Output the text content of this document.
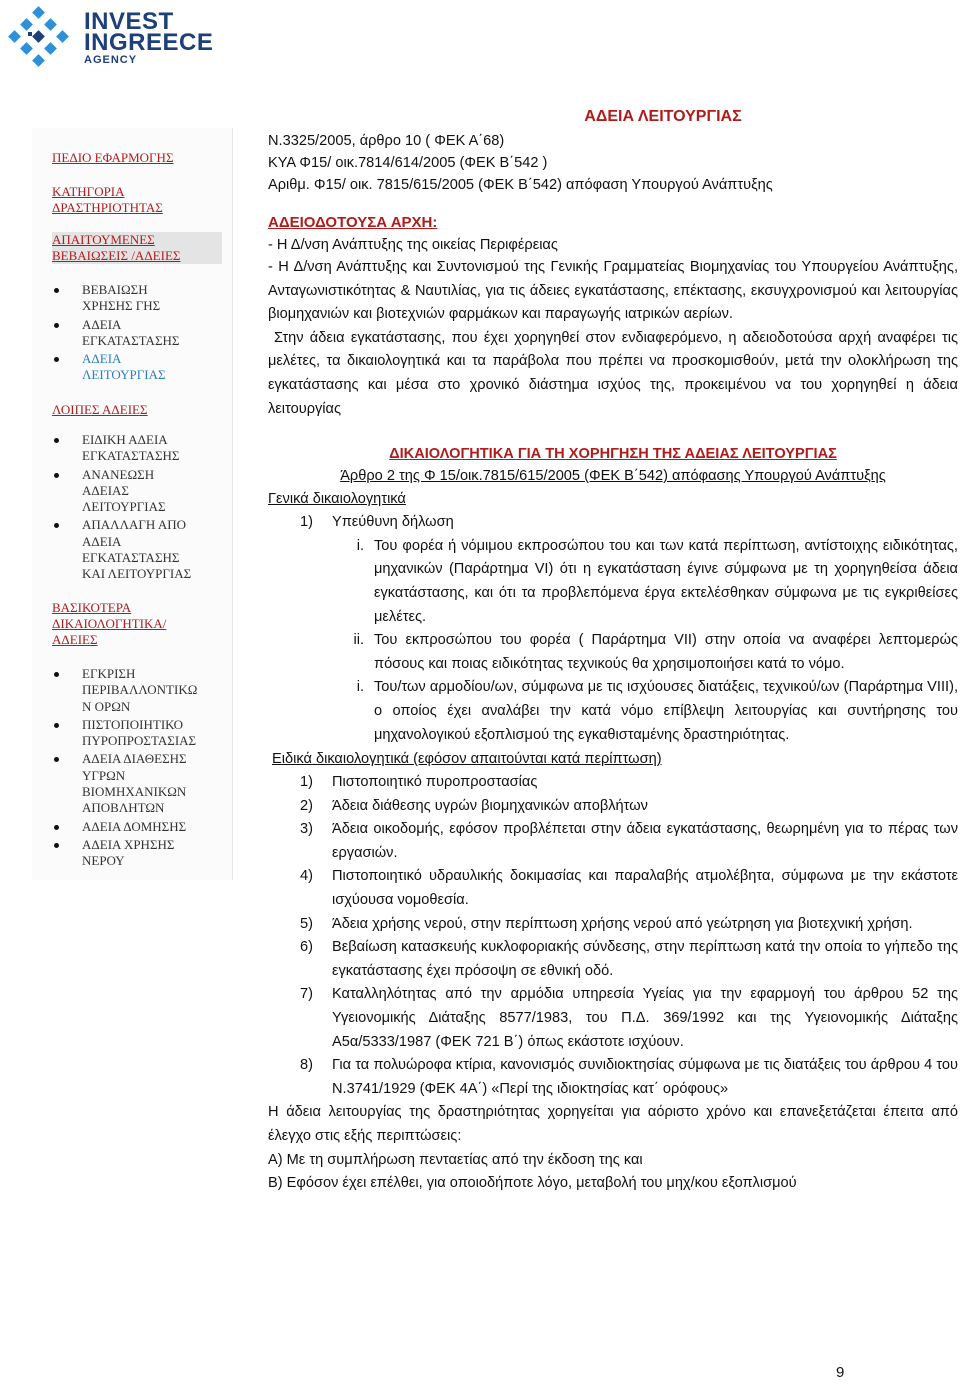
INVEST
INGREECE
AGENCY
ΠΕΔΙΟ ΕΦΑΡΜΟΓΗΣ
ΚΑΤΗΓΟΡΙΑ
ΔΡΑΣΤΗΡΙΟΤΗΤΑΣ
ΑΠΑΙΤΟΥΜΕΝΕΣ
ΒΕΒΑΙΩΣΕΙΣ /ΑΔΕΙΕΣ
ΒΕΒΑΙΩΣΗ
ΧΡΗΣΗΣ ΓΗΣ
ΑΔΕΙΑ
ΕΓΚΑΤΑΣΤΑΣΗΣ
ΑΔΕΙΑ
ΛΕΙΤΟΥΡΓΙΑΣ
ΛΟΙΠΕΣ ΑΔΕΙΕΣ
ΕΙΔΙΚΗ ΑΔΕΙΑ
ΕΓΚΑΤΑΣΤΑΣΗΣ
ΑΝΑΝΕΩΣΗ
ΑΔΕΙΑΣ
ΛΕΙΤΟΥΡΓΙΑΣ
ΑΠΑΛΛΑΓΗ ΑΠΟ
ΑΔΕΙΑ
ΕΓΚΑΤΑΣΤΑΣΗΣ
ΚΑΙ ΛΕΙΤΟΥΡΓΙΑΣ
ΒΑΣΙΚΟΤΕΡΑ
ΔΙΚΑΙΟΛΟΓΗΤΙΚΑ/
ΑΔΕΙΕΣ
ΕΓΚΡΙΣΗ
ΠΕΡΙΒΑΛΛΟΝΤΙΚΩ
Ν ΟΡΩΝ
ΠΙΣΤΟΠΟΙΗΤΙΚΟ
ΠΥΡΟΠΡΟΣΤΑΣΙΑΣ
ΑΔΕΙΑ ΔΙΑΘΕΣΗΣ
ΥΓΡΩΝ
ΒΙΟΜΗΧΑΝΙΚΩΝ
ΑΠΟΒΛΗΤΩΝ
ΑΔΕΙΑ ΔΟΜΗΣΗΣ
ΑΔΕΙΑ ΧΡΗΣΗΣ
ΝΕΡΟΥ
ΑΔΕΙΑ ΛΕΙΤΟΥΡΓΙΑΣ
Ν.3325/2005, άρθρο 10 ( ΦΕΚ Α΄68)
ΚΥΑ Φ15/ οικ.7814/614/2005 (ΦΕΚ Β΄542 )
Αριθμ. Φ15/ οικ. 7815/615/2005 (ΦΕΚ Β΄542) απόφαση Υπουργού Ανάπτυξης
ΑΔΕΙΟΔΟΤΟΥΣΑ ΑΡΧΗ:
- Η Δ/νση Ανάπτυξης της οικείας Περιφέρειας
- Η Δ/νση Ανάπτυξης και Συντονισμού της Γενικής Γραμματείας Βιομηχανίας του Υπουργείου Ανάπτυξης, Ανταγωνιστικότητας & Ναυτιλίας, για τις άδειες εγκατάστασης, επέκτασης, εκσυγχρονισμού και λειτουργίας βιομηχανιών και βιοτεχνιών φαρμάκων και παραγωγής ιατρικών αερίων.
Στην άδεια εγκατάστασης, που έχει χορηγηθεί στον ενδιαφερόμενο, η αδειοδοτούσα αρχή αναφέρει τις μελέτες, τα δικαιολογητικά και τα παράβολα που πρέπει να προσκομισθούν, μετά την ολοκλήρωση της εγκατάστασης και μέσα στο χρονικό διάστημα ισχύος της, προκειμένου να του χορηγηθεί η άδεια λειτουργίας
ΔΙΚΑΙΟΛΟΓΗΤΙΚΑ ΓΙΑ ΤΗ ΧΟΡΗΓΗΣΗ ΤΗΣ ΑΔΕΙΑΣ ΛΕΙΤΟΥΡΓΙΑΣ
Άρθρο 2 της Φ 15/οικ.7815/615/2005 (ΦΕΚ Β΄542) απόφασης Υπουργού Ανάπτυξης
Γενικά δικαιολογητικά
1)	Υπεύθυνη δήλωση
i. Του φορέα ή νόμιμου εκπροσώπου του και των κατά περίπτωση, αντίστοιχης ειδικότητας, μηχανικών (Παράρτημα VI) ότι η εγκατάσταση έγινε σύμφωνα με τη χορηγηθείσα άδεια εγκατάστασης, και ότι τα προβλεπόμενα έργα εκτελέσθηκαν σύμφωνα με τις εγκριθείσες μελέτες.
ii. Του εκπροσώπου του φορέα ( Παράρτημα VII) στην οποία να αναφέρει λεπτομερώς πόσους και ποιας ειδικότητας τεχνικούς θα χρησιμοποιήσει κατά το νόμο.
i. Του/των αρμοδίου/ων, σύμφωνα με τις ισχύουσες διατάξεις, τεχνικού/ων (Παράρτημα VIII), ο οποίος έχει αναλάβει την κατά νόμο επίβλεψη λειτουργίας και συντήρησης του μηχανολογικού εξοπλισμού της εγκαθισταμένης δραστηριότητας.
Ειδικά δικαιολογητικά (εφόσον απαιτούνται κατά περίπτωση)
1)	Πιστοποιητικό πυροπροστασίας
2)	Άδεια διάθεσης υγρών βιομηχανικών αποβλήτων
3)	Άδεια οικοδομής, εφόσον προβλέπεται στην άδεια εγκατάστασης, θεωρημένη για το πέρας των εργασιών.
4)	Πιστοποιητικό υδραυλικής δοκιμασίας και παραλαβής ατμολέβητα, σύμφωνα με την εκάστοτε ισχύουσα νομοθεσία.
5)	Άδεια χρήσης νερού, στην περίπτωση χρήσης νερού από γεώτρηση για βιοτεχνική χρήση.
6)	Βεβαίωση κατασκευής κυκλοφοριακής σύνδεσης, στην περίπτωση κατά την οποία το γήπεδο της εγκατάστασης έχει πρόσοψη σε εθνική οδό.
7)	Καταλληλότητας από την αρμόδια υπηρεσία Υγείας για την εφαρμογή του άρθρου 52 της Υγειονομικής Διάταξης 8577/1983, του Π.Δ. 369/1992 και της Υγειονομικής Διάταξης Α5α/5333/1987 (ΦΕΚ 721 Β΄) όπως εκάστοτε ισχύουν.
8)	Για τα πολυώροφα κτίρια, κανονισμός συνιδιοκτησίας σύμφωνα με τις διατάξεις του άρθρου 4 του Ν.3741/1929 (ΦΕΚ 4Α΄) «Περί της ιδιοκτησίας κατ΄ ορόφους»
Η άδεια λειτουργίας της δραστηριότητας χορηγείται για αόριστο χρόνο και επανεξετάζεται έπειτα από έλεγχο στις εξής περιπτώσεις:
Α) Με τη συμπλήρωση πενταετίας από την έκδοση της και
Β) Εφόσον έχει επέλθει, για οποιοδήποτε λόγο, μεταβολή του μηχ/κου εξοπλισμού
9
